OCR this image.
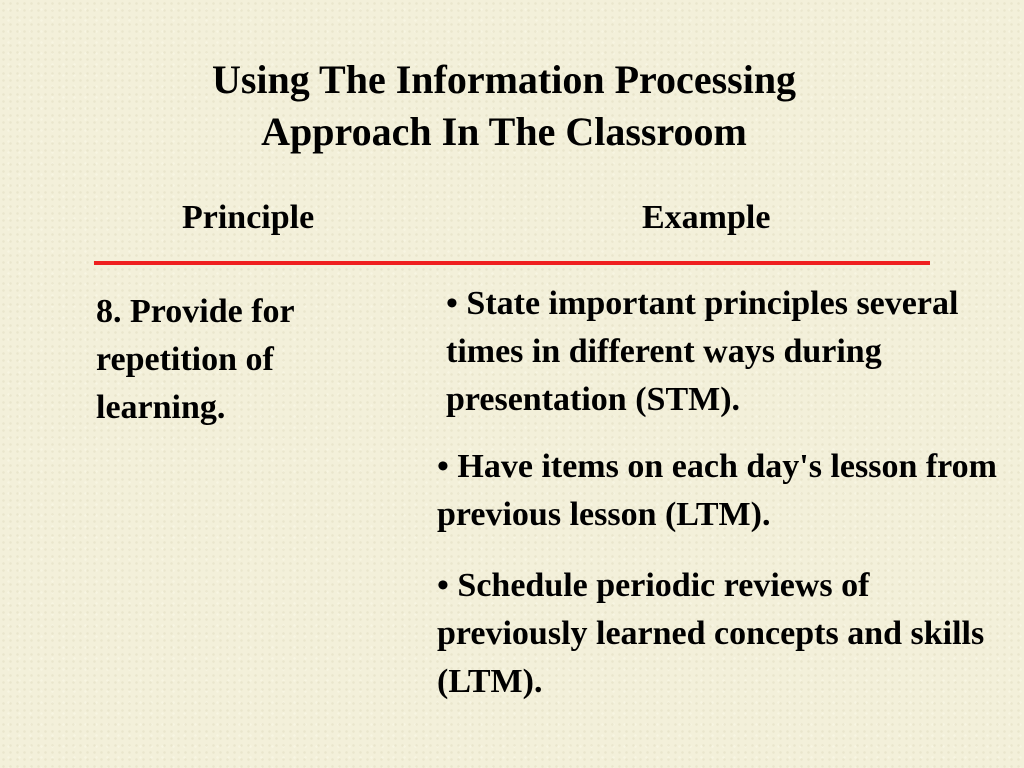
Using The Information Processing
Approach In The Classroom
Principle	Example

8. Provide for repetition of learning.

• State important principles several times in different ways during presentation (STM).
• Have items on each day's lesson from previous lesson (LTM).
• Schedule periodic reviews of previously learned concepts and skills (LTM).
